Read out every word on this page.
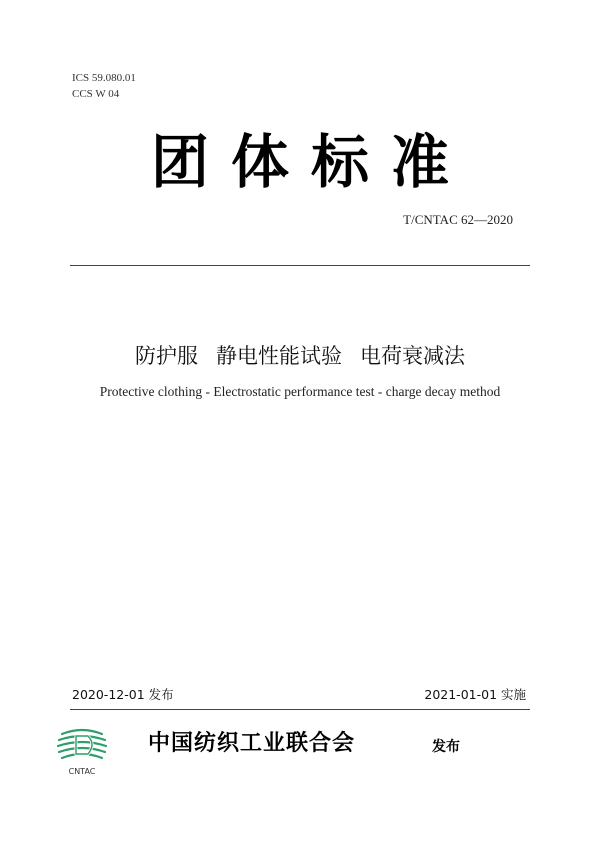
ICS 59.080.01
CCS W 04
团体标准
T/CNTAC 62—2020
防护服 静电性能试验 电荷衰减法
Protective clothing - Electrostatic performance test - charge decay method
2020-12-01 发布	2021-01-01 实施
CNTAC
中国纺织工业联合会	发布
